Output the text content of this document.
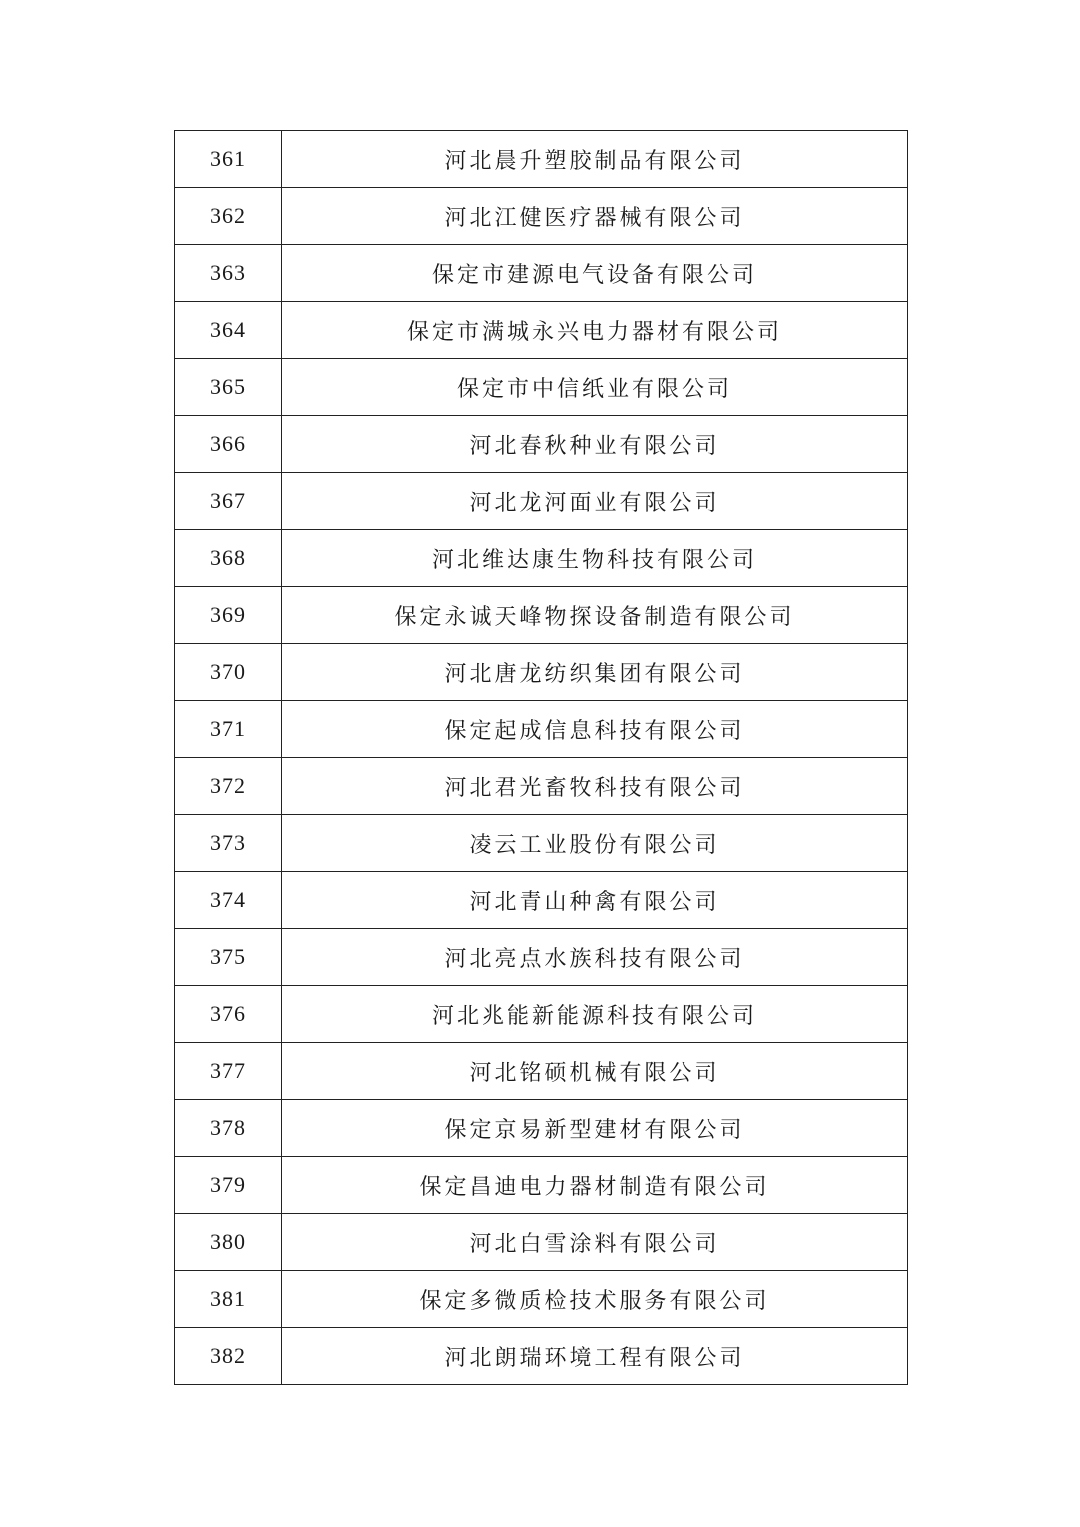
361	河北晨升塑胶制品有限公司
362	河北江健医疗器械有限公司
363	保定市建源电气设备有限公司
364	保定市满城永兴电力器材有限公司
365	保定市中信纸业有限公司
366	河北春秋种业有限公司
367	河北龙河面业有限公司
368	河北维达康生物科技有限公司
369	保定永诚天峰物探设备制造有限公司
370	河北唐龙纺织集团有限公司
371	保定起成信息科技有限公司
372	河北君光畜牧科技有限公司
373	凌云工业股份有限公司
374	河北青山种禽有限公司
375	河北亮点水族科技有限公司
376	河北兆能新能源科技有限公司
377	河北铭硕机械有限公司
378	保定京易新型建材有限公司
379	保定昌迪电力器材制造有限公司
380	河北白雪涂料有限公司
381	保定多微质检技术服务有限公司
382	河北朗瑞环境工程有限公司
